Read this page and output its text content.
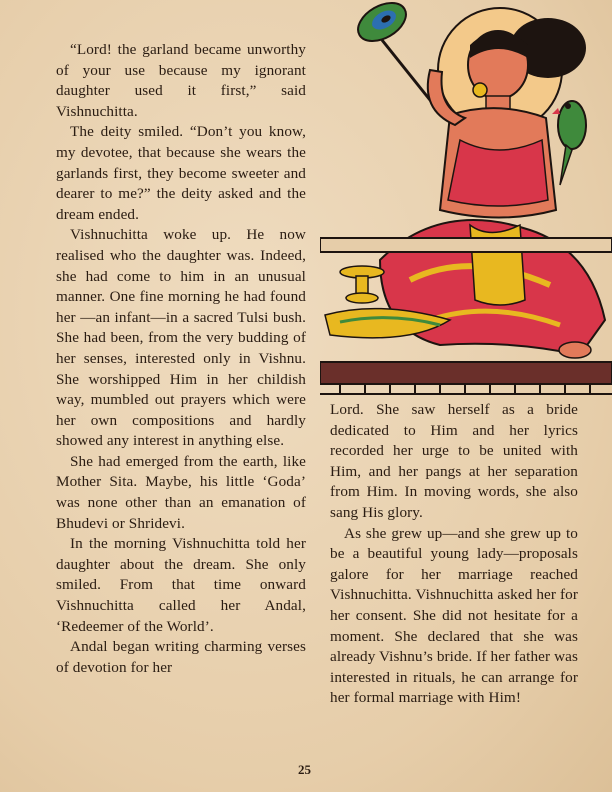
“Lord! the garland became unworthy of your use because my ignorant daughter used it first,” said Vishnuchitta.

The deity smiled. “Don’t you know, my devotee, that because she wears the garlands first, they become sweeter and dearer to me?” the deity asked and the dream ended.

Vishnuchitta woke up. He now realised who the daughter was. Indeed, she had come to him in an unusual manner. One fine morning he had found her —an infant—in a sacred Tulsi bush. She had been, from the very budding of her senses, interested only in Vishnu. She worshipped Him in her childish way, mumbled out prayers which were her own compositions and hardly showed any interest in anything else.

She had emerged from the earth, like Mother Sita. Maybe, his little ‘Goda’ was none other than an emanation of Bhudevi or Shridevi.

In the morning Vishnuchitta told her daughter about the dream. She only smiled. From that time onward Vishnuchitta called her Andal, ‘Redeemer of the World’.

Andal began writing charming verses of devotion for her

Lord. She saw herself as a bride dedicated to Him and her lyrics recorded her urge to be united with Him, and her pangs at her separation from Him. In moving words, she also sang His glory.

As she grew up—and she grew up to be a beautiful young lady—proposals galore for her marriage reached Vishnuchitta. Vishnuchitta asked her for her consent. She did not hesitate for a moment. She declared that she was already Vishnu’s bride. If her father was interested in rituals, he can arrange for her formal marriage with Him!

25
